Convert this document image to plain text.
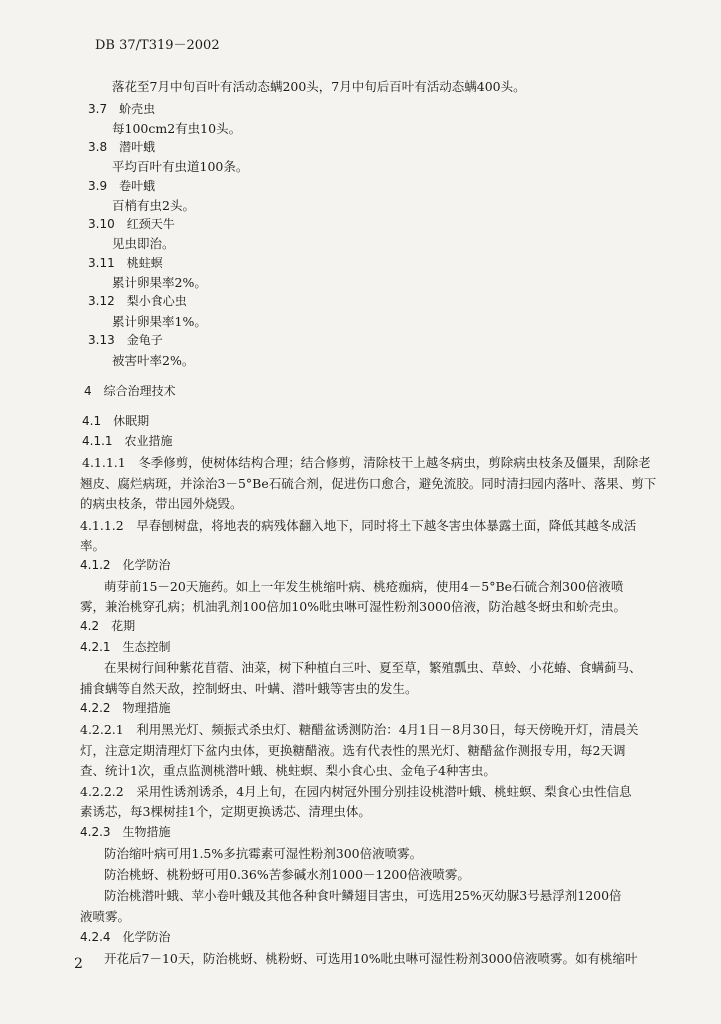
DB 37/T319－2002
落花至7月中旬百叶有活动态螨200头，7月中旬后百叶有活动态螨400头。
3.7　蚧壳虫
每100cm2有虫10头。
3.8　潜叶蛾
平均百叶有虫道100条。
3.9　卷叶蛾
百梢有虫2头。
3.10　红颈天牛
见虫即治。
3.11　桃蛀螟
累计卵果率2%。
3.12　梨小食心虫
累计卵果率1%。
3.13　金龟子
被害叶率2%。
4　综合治理技术
4.1　休眠期
4.1.1　农业措施
4.1.1.1　冬季修剪，使树体结构合理；结合修剪，清除枝干上越冬病虫，剪除病虫枝条及僵果，刮除老
翘皮、腐烂病斑，并涂治3－5°Be石硫合剂，促进伤口愈合，避免流胶。同时清扫园内落叶、落果、剪下
的病虫枝条，带出园外烧毁。
4.1.1.2　早春刨树盘，将地表的病残体翻入地下，同时将土下越冬害虫体暴露土面，降低其越冬成活
率。
4.1.2　化学防治
萌芽前15－20天施药。如上一年发生桃缩叶病、桃疮痂病，使用4－5°Be石硫合剂300倍液喷
雾，兼治桃穿孔病；机油乳剂100倍加10%吡虫啉可湿性粉剂3000倍液，防治越冬蚜虫和蚧壳虫。
4.2　花期
4.2.1　生态控制
在果树行间种紫花苜蓿、油菜，树下种植白三叶、夏至草，繁殖瓢虫、草蛉、小花蝽、食螨蓟马、
捕食螨等自然天敌，控制蚜虫、叶螨、潜叶蛾等害虫的发生。
4.2.2　物理措施
4.2.2.1　利用黑光灯、频振式杀虫灯、糖醋盆诱测防治：4月1日－8月30日，每天傍晚开灯，清晨关
灯，注意定期清理灯下盆内虫体，更换糖醋液。选有代表性的黑光灯、糖醋盆作测报专用，每2天调
查、统计1次，重点监测桃潜叶蛾、桃蛀螟、梨小食心虫、金龟子4种害虫。
4.2.2.2　采用性诱剂诱杀，4月上旬，在园内树冠外围分别挂设桃潜叶蛾、桃蛀螟、梨食心虫性信息
素诱芯，每3棵树挂1个，定期更换诱芯、清理虫体。
4.2.3　生物措施
防治缩叶病可用1.5%多抗霉素可湿性粉剂300倍液喷雾。
防治桃蚜、桃粉蚜可用0.36%苦参碱水剂1000－1200倍液喷雾。
防治桃潜叶蛾、苹小卷叶蛾及其他各种食叶鳞翅目害虫，可选用25%灭幼脲3号悬浮剂1200倍
液喷雾。
4.2.4　化学防治
开花后7－10天，防治桃蚜、桃粉蚜、可选用10%吡虫啉可湿性粉剂3000倍液喷雾。如有桃缩叶
2
